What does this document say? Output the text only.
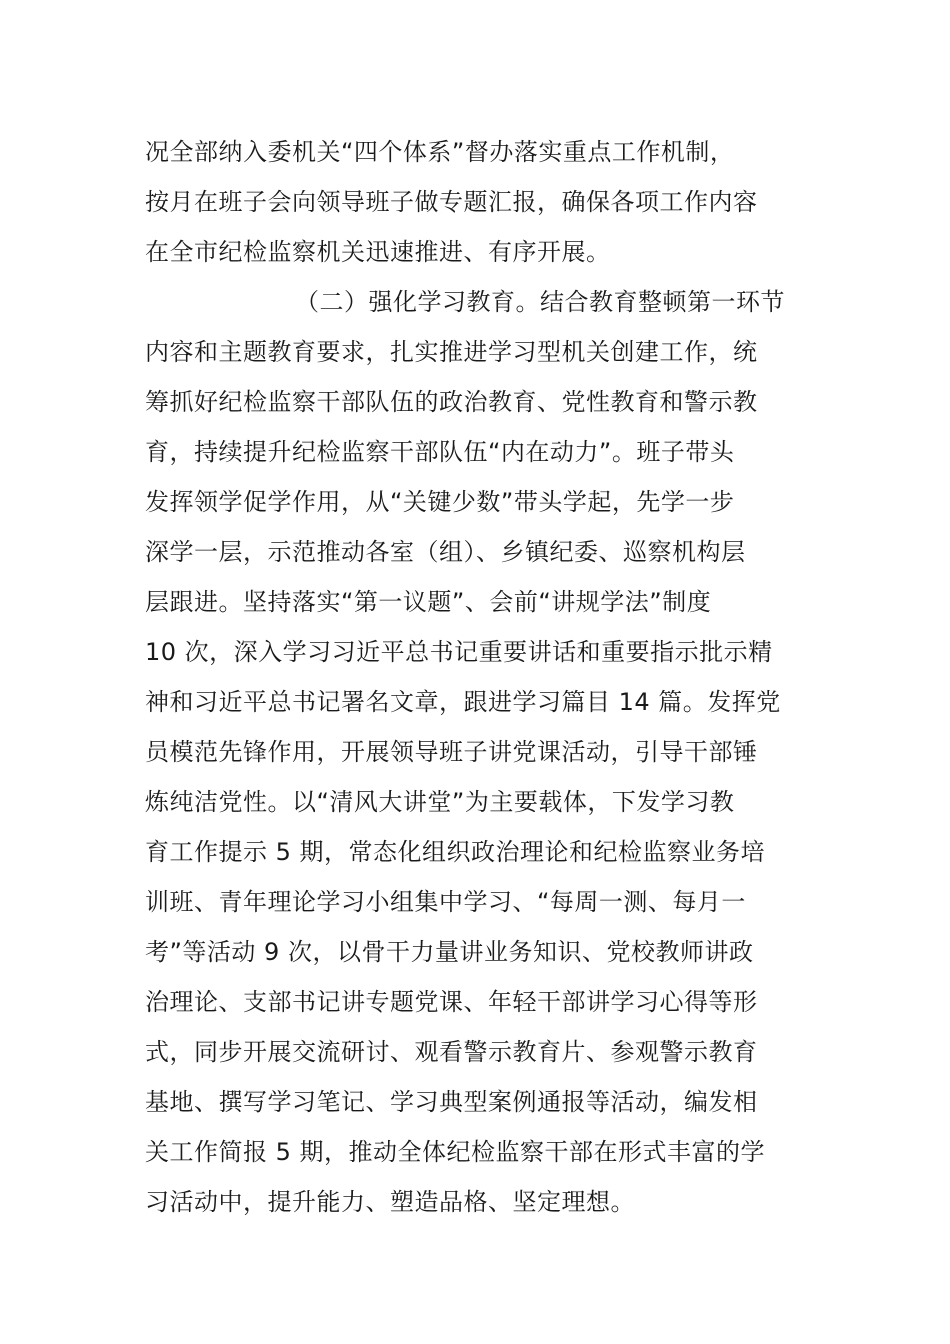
况全部纳入委机关“四个体系”督办落实重点工作机制，
按月在班子会向领导班子做专题汇报，确保各项工作内容
在全市纪检监察机关迅速推进、有序开展。
（二）强化学习教育。结合教育整顿第一环节
内容和主题教育要求，扎实推进学习型机关创建工作，统
筹抓好纪检监察干部队伍的政治教育、党性教育和警示教
育，持续提升纪检监察干部队伍“内在动力”。班子带头
发挥领学促学作用，从“关键少数”带头学起，先学一步
深学一层，示范推动各室（组）、乡镇纪委、巡察机构层
层跟进。坚持落实“第一议题”、会前“讲规学法”制度
10 次，深入学习习近平总书记重要讲话和重要指示批示精
神和习近平总书记署名文章，跟进学习篇目 14 篇。发挥党
员模范先锋作用，开展领导班子讲党课活动，引导干部锤
炼纯洁党性。以“清风大讲堂”为主要载体，下发学习教
育工作提示 5 期，常态化组织政治理论和纪检监察业务培
训班、青年理论学习小组集中学习、“每周一测、每月一
考”等活动 9 次，以骨干力量讲业务知识、党校教师讲政
治理论、支部书记讲专题党课、年轻干部讲学习心得等形
式，同步开展交流研讨、观看警示教育片、参观警示教育
基地、撰写学习笔记、学习典型案例通报等活动，编发相
关工作简报 5 期，推动全体纪检监察干部在形式丰富的学
习活动中，提升能力、塑造品格、坚定理想。
